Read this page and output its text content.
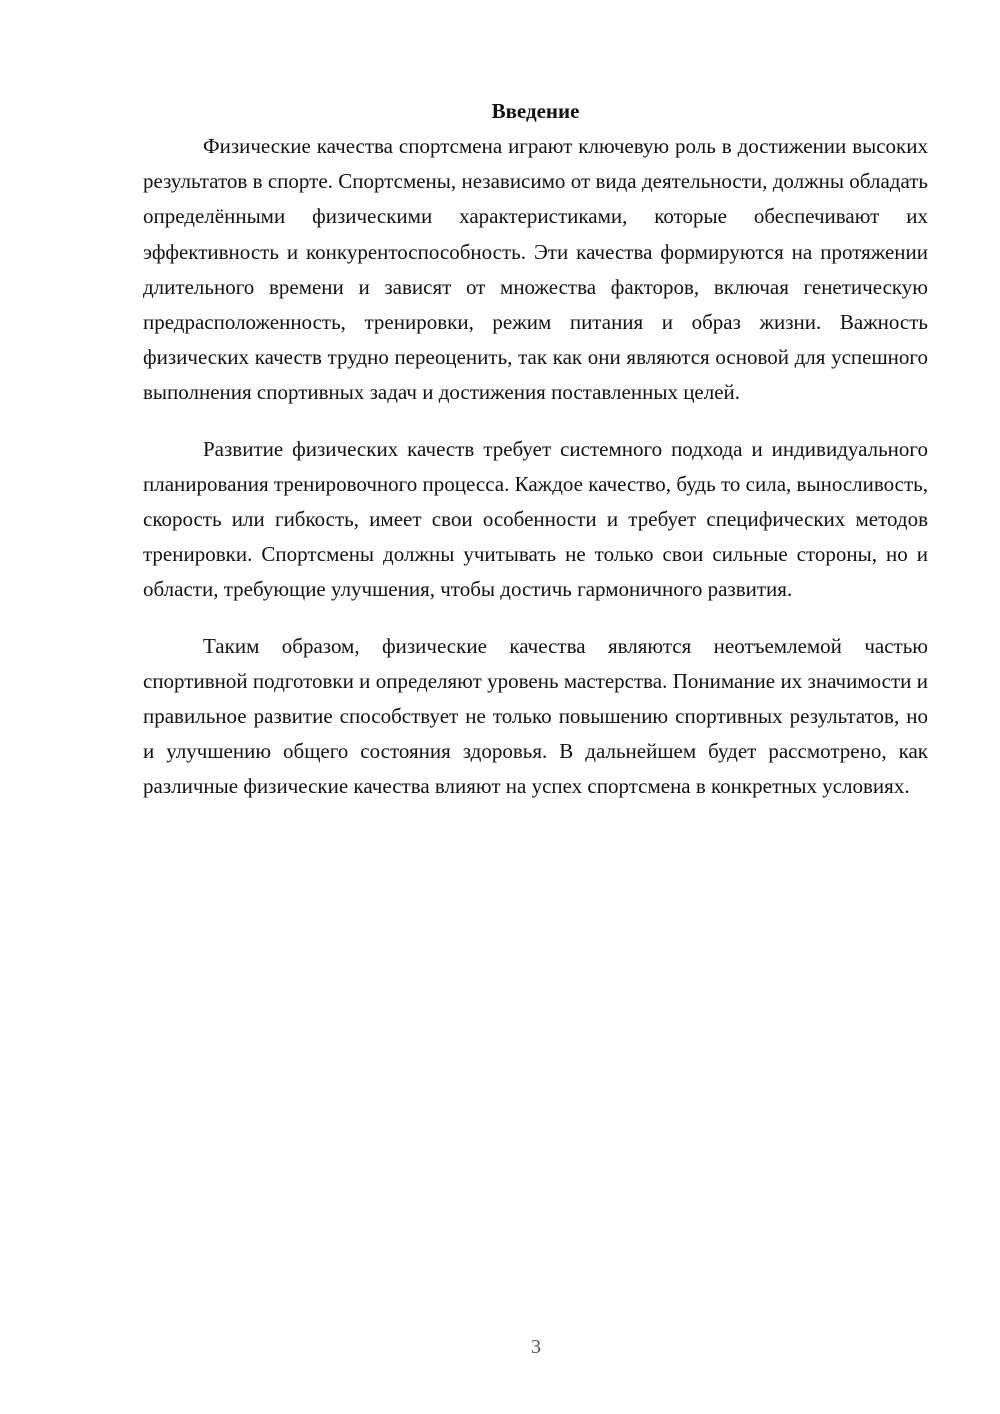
Введение

Физические качества спортсмена играют ключевую роль в достижении высоких результатов в спорте. Спортсмены, независимо от вида деятельности, должны обладать определёнными физическими характеристиками, которые обеспечивают их эффективность и конкурентоспособность. Эти качества формируются на протяжении длительного времени и зависят от множества факторов, включая генетическую предрасположенность, тренировки, режим питания и образ жизни. Важность физических качеств трудно переоценить, так как они являются основой для успешного выполнения спортивных задач и достижения поставленных целей.

Развитие физических качеств требует системного подхода и индивидуального планирования тренировочного процесса. Каждое качество, будь то сила, выносливость, скорость или гибкость, имеет свои особенности и требует специфических методов тренировки. Спортсмены должны учитывать не только свои сильные стороны, но и области, требующие улучшения, чтобы достичь гармоничного развития.

Таким образом, физические качества являются неотъемлемой частью спортивной подготовки и определяют уровень мастерства. Понимание их значимости и правильное развитие способствует не только повышению спортивных результатов, но и улучшению общего состояния здоровья. В дальнейшем будет рассмотрено, как различные физические качества влияют на успех спортсмена в конкретных условиях.

3
